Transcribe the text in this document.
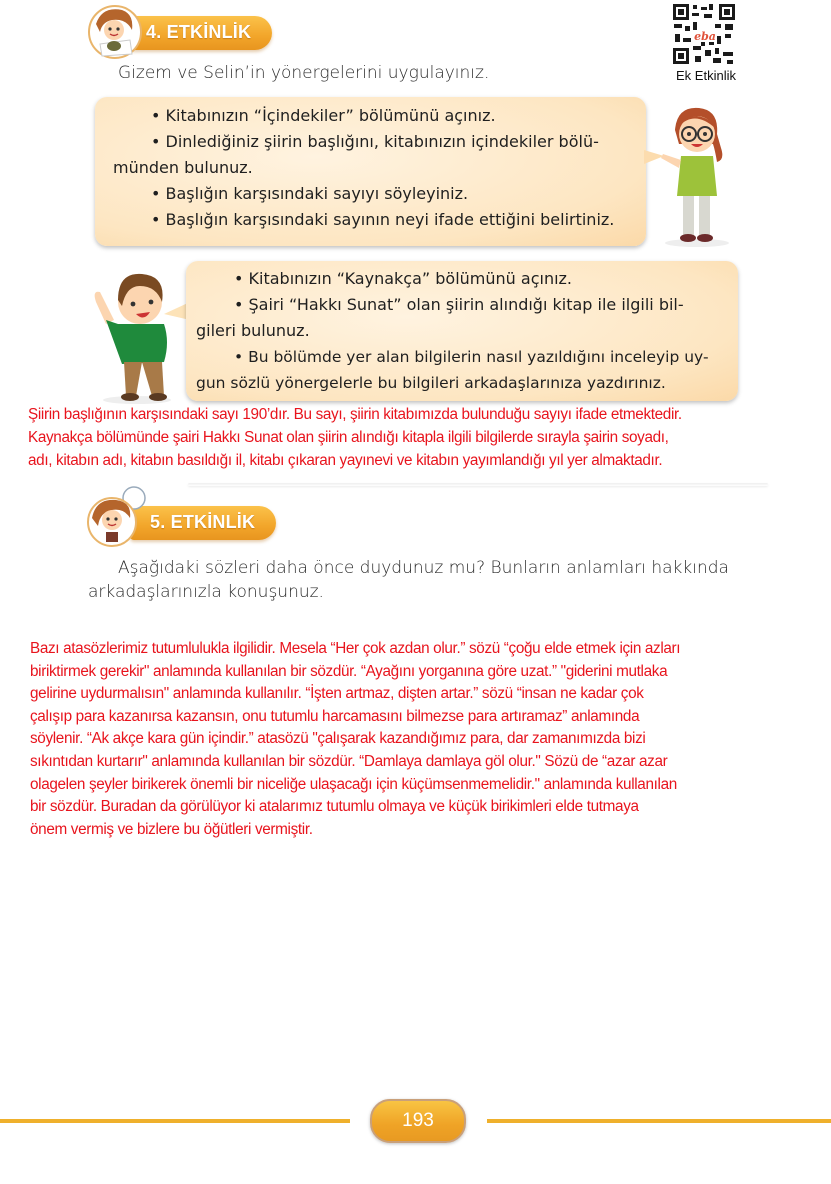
4. ETKİNLİK	eba
Ek Etkinlik
Gizem ve Selin’in yönergelerini uygulayınız.

• Kitabınızın “İçindekiler” bölümünü açınız.

• Dinlediğiniz şiirin başlığını, kitabınızın içindekiler bölü-

münden bulunuz.

• Başlığın karşısındaki sayıyı söyleyiniz.

• Başlığın karşısındaki sayının neyi ifade ettiğini belirtiniz.

• Kitabınızın “Kaynakça” bölümünü açınız.

• Şairi “Hakkı Sunat” olan şiirin alındığı kitap ile ilgili bil-

gileri bulunuz.

• Bu bölümde yer alan bilgilerin nasıl yazıldığını inceleyip uy-

gun sözlü yönergelerle bu bilgileri arkadaşlarınıza yazdırınız.

Şiirin başlığının karşısındaki sayı 190’dır. Bu sayı, şiirin kitabımızda bulunduğu sayıyı ifade etmektedir.

Kaynakça bölümünde şairi Hakkı Sunat olan şiirin alındığı kitapla ilgili bilgilerde sırayla şairin soyadı,

adı, kitabın adı, kitabın basıldığı il, kitabı çıkaran yayınevi ve kitabın yayımlandığı yıl yer almaktadır.

5. ETKİNLİK
Aşağıdaki sözleri daha önce duydunuz mu? Bunların anlamları hakkında
arkadaşlarınızla konuşunuz.

Bazı atasözlerimiz tutumlulukla ilgilidir. Mesela “Her çok azdan olur.” sözü “çoğu elde etmek için azları

biriktirmek gerekir" anlamında kullanılan bir sözdür. “Ayağını yorganına göre uzat.” "giderini mutlaka

gelirine uydurmalısın" anlamında kullanılır. “İşten artmaz, dişten artar.” sözü “insan ne kadar çok

çalışıp para kazanırsa kazansın, onu tutumlu harcamasını bilmezse para artıramaz” anlamında

söylenir. “Ak akçe kara gün içindir.” atasözü "çalışarak kazandığımız para, dar zamanımızda bizi

sıkıntıdan kurtarır" anlamında kullanılan bir sözdür. “Damlaya damlaya göl olur." Sözü de “azar azar

olagelen şeyler birikerek önemli bir niceliğe ulaşacağı için küçümsenmemelidir." anlamında kullanılan

bir sözdür. Buradan da görülüyor ki atalarımız tutumlu olmaya ve küçük birikimleri elde tutmaya

önem vermiş ve bizlere bu öğütleri vermiştir.

193
